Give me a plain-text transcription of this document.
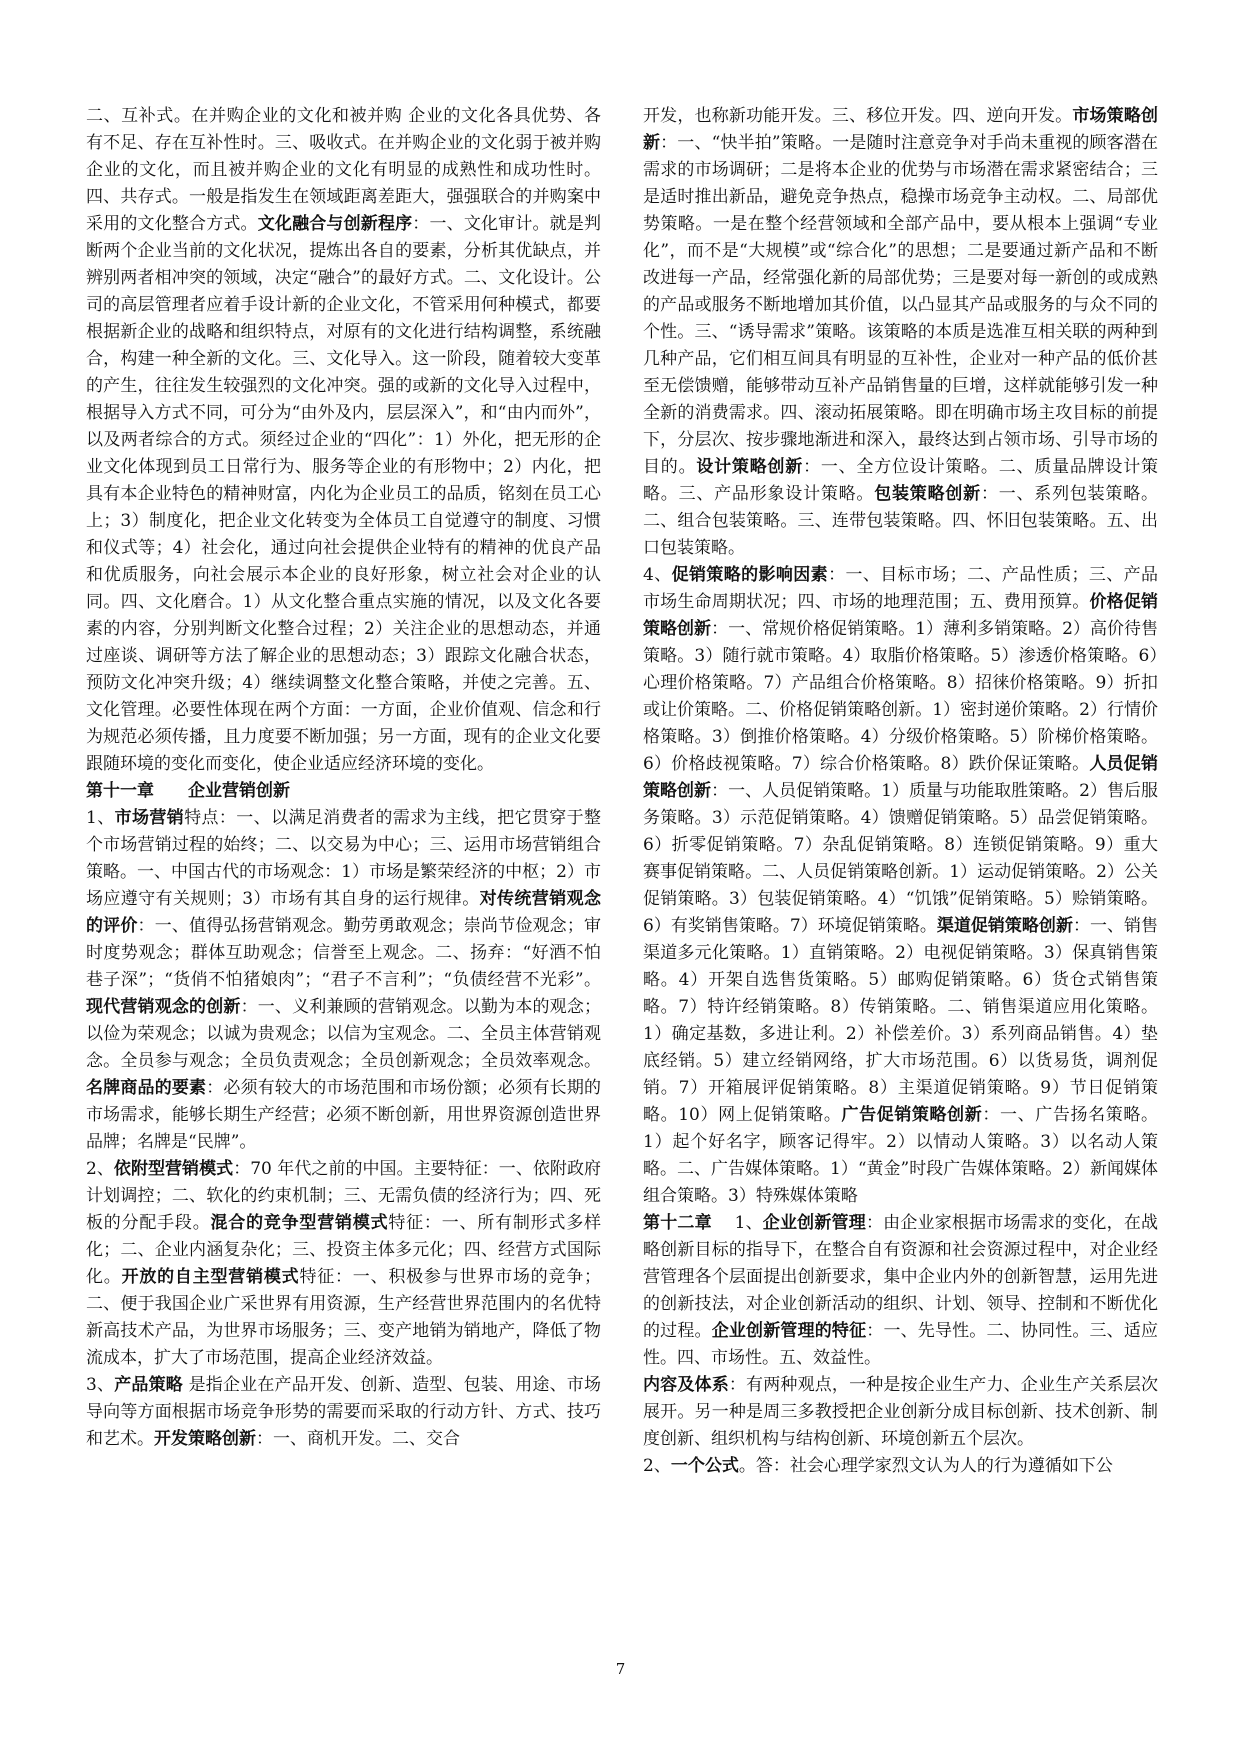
二、互补式。在并购企业的文化和被并购 企业的文化各具优势、各有不足、存在互补性时。三、吸收式。在并购企业的文化弱于被并购企业的文化，而且被并购企业的文化有明显的成熟性和成功性时。四、共存式。一般是指发生在领域距离差距大，强强联合的并购案中采用的文化整合方式。文化融合与创新程序：一、文化审计。就是判断两个企业当前的文化状况，提炼出各自的要素，分析其优缺点，并辨别两者相冲突的领域，决定“融合”的最好方式。二、文化设计。公司的高层管理者应着手设计新的企业文化，不管采用何种模式，都要根据新企业的战略和组织特点，对原有的文化进行结构调整，系统融合，构建一种全新的文化。三、文化导入。这一阶段，随着较大变革的产生，往往发生较强烈的文化冲突。强的或新的文化导入过程中，根据导入方式不同，可分为“由外及内，层层深入”，和“由内而外”，以及两者综合的方式。须经过企业的“四化”：1）外化，把无形的企业文化体现到员工日常行为、服务等企业的有形物中；2）内化，把具有本企业特色的精神财富，内化为企业员工的品质，铭刻在员工心上；3）制度化，把企业文化转变为全体员工自觉遵守的制度、习惯和仪式等；4）社会化，通过向社会提供企业特有的精神的优良产品和优质服务，向社会展示本企业的良好形象，树立社会对企业的认同。四、文化磨合。1）从文化整合重点实施的情况，以及文化各要素的内容，分别判断文化整合过程；2）关注企业的思想动态，并通过座谈、调研等方法了解企业的思想动态；3）跟踪文化融合状态，预防文化冲突升级；4）继续调整文化整合策略，并使之完善。五、文化管理。必要性体现在两个方面：一方面，企业价值观、信念和行为规范必须传播，且力度要不断加强；另一方面，现有的企业文化要跟随环境的变化而变化，使企业适应经济环境的变化。

第十一章　　企业营销创新

1、市场营销特点：一、以满足消费者的需求为主线，把它贯穿于整个市场营销过程的始终；二、以交易为中心；三、运用市场营销组合策略。一、中国古代的市场观念：1）市场是繁荣经济的中枢；2）市场应遵守有关规则；3）市场有其自身的运行规律。对传统营销观念的评价：一、值得弘扬营销观念。勤劳勇敢观念；崇尚节俭观念；审时度势观念；群体互助观念；信誉至上观念。二、扬弃：“好酒不怕巷子深”；“货俏不怕猪娘肉”；“君子不言利”；“负债经营不光彩”。现代营销观念的创新：一、义利兼顾的营销观念。以勤为本的观念；以俭为荣观念；以诚为贵观念；以信为宝观念。二、全员主体营销观念。全员参与观念；全员负责观念；全员创新观念；全员效率观念。名牌商品的要素：必须有较大的市场范围和市场份额；必须有长期的市场需求，能够长期生产经营；必须不断创新，用世界资源创造世界品牌；名牌是“民牌”。

2、依附型营销模式：70 年代之前的中国。主要特征：一、依附政府计划调控；二、软化的约束机制；三、无需负债的经济行为；四、死板的分配手段。混合的竞争型营销模式特征：一、所有制形式多样化；二、企业内涵复杂化；三、投资主体多元化；四、经营方式国际化。开放的自主型营销模式特征：一、积极参与世界市场的竞争；二、便于我国企业广采世界有用资源，生产经营世界范围内的名优特新高技术产品，为世界市场服务；三、变产地销为销地产，降低了物流成本，扩大了市场范围，提高企业经济效益。

3、产品策略 是指企业在产品开发、创新、造型、包装、用途、市场导向等方面根据市场竞争形势的需要而采取的行动方针、方式、技巧和艺术。开发策略创新：一、商机开发。二、交合

开发，也称新功能开发。三、移位开发。四、逆向开发。市场策略创新：一、“快半拍”策略。一是随时注意竞争对手尚未重视的顾客潜在需求的市场调研；二是将本企业的优势与市场潜在需求紧密结合；三是适时推出新品，避免竞争热点，稳操市场竞争主动权。二、局部优势策略。一是在整个经营领域和全部产品中，要从根本上强调“专业化”，而不是“大规模”或“综合化”的思想；二是要通过新产品和不断改进每一产品，经常强化新的局部优势；三是要对每一新创的或成熟的产品或服务不断地增加其价值，以凸显其产品或服务的与众不同的个性。三、“诱导需求”策略。该策略的本质是选准互相关联的两种到几种产品，它们相互间具有明显的互补性，企业对一种产品的低价甚至无偿馈赠，能够带动互补产品销售量的巨增，这样就能够引发一种全新的消费需求。四、滚动拓展策略。即在明确市场主攻目标的前提下，分层次、按步骤地渐进和深入，最终达到占领市场、引导市场的目的。设计策略创新：一、全方位设计策略。二、质量品牌设计策略。三、产品形象设计策略。包装策略创新：一、系列包装策略。二、组合包装策略。三、连带包装策略。四、怀旧包装策略。五、出口包装策略。

4、促销策略的影响因素：一、目标市场；二、产品性质；三、产品市场生命周期状况；四、市场的地理范围；五、费用预算。价格促销策略创新：一、常规价格促销策略。1）薄利多销策略。2）高价待售策略。3）随行就市策略。4）取脂价格策略。5）渗透价格策略。6）心理价格策略。7）产品组合价格策略。8）招徕价格策略。9）折扣或让价策略。二、价格促销策略创新。1）密封递价策略。2）行情价格策略。3）倒推价格策略。4）分级价格策略。5）阶梯价格策略。6）价格歧视策略。7）综合价格策略。8）跌价保证策略。人员促销策略创新：一、人员促销策略。1）质量与功能取胜策略。2）售后服务策略。3）示范促销策略。4）馈赠促销策略。5）品尝促销策略。6）折零促销策略。7）杂乱促销策略。8）连锁促销策略。9）重大赛事促销策略。二、人员促销策略创新。1）运动促销策略。2）公关促销策略。3）包装促销策略。4）“饥饿”促销策略。5）赊销策略。6）有奖销售策略。7）环境促销策略。渠道促销策略创新：一、销售渠道多元化策略。1）直销策略。2）电视促销策略。3）保真销售策略。4）开架自选售货策略。5）邮购促销策略。6）货仓式销售策略。7）特许经销策略。8）传销策略。二、销售渠道应用化策略。1）确定基数，多进让利。2）补偿差价。3）系列商品销售。4）垫底经销。5）建立经销网络，扩大市场范围。6）以货易货，调剂促销。7）开箱展评促销策略。8）主渠道促销策略。9）节日促销策略。10）网上促销策略。广告促销策略创新：一、广告扬名策略。1）起个好名字，顾客记得牢。2）以情动人策略。3）以名动人策略。二、广告媒体策略。1）“黄金”时段广告媒体策略。2）新闻媒体组合策略。3）特殊媒体策略

第十二章　 1、企业创新管理：由企业家根据市场需求的变化，在战略创新目标的指导下，在整合自有资源和社会资源过程中，对企业经营管理各个层面提出创新要求，集中企业内外的创新智慧，运用先进的创新技法，对企业创新活动的组织、计划、领导、控制和不断优化的过程。企业创新管理的特征：一、先导性。二、协同性。三、适应性。四、市场性。五、效益性。

内容及体系：有两种观点，一种是按企业生产力、企业生产关系层次展开。另一种是周三多教授把企业创新分成目标创新、技术创新、制度创新、组织机构与结构创新、环境创新五个层次。

2、一个公式。答：社会心理学家烈文认为人的行为遵循如下公

7
